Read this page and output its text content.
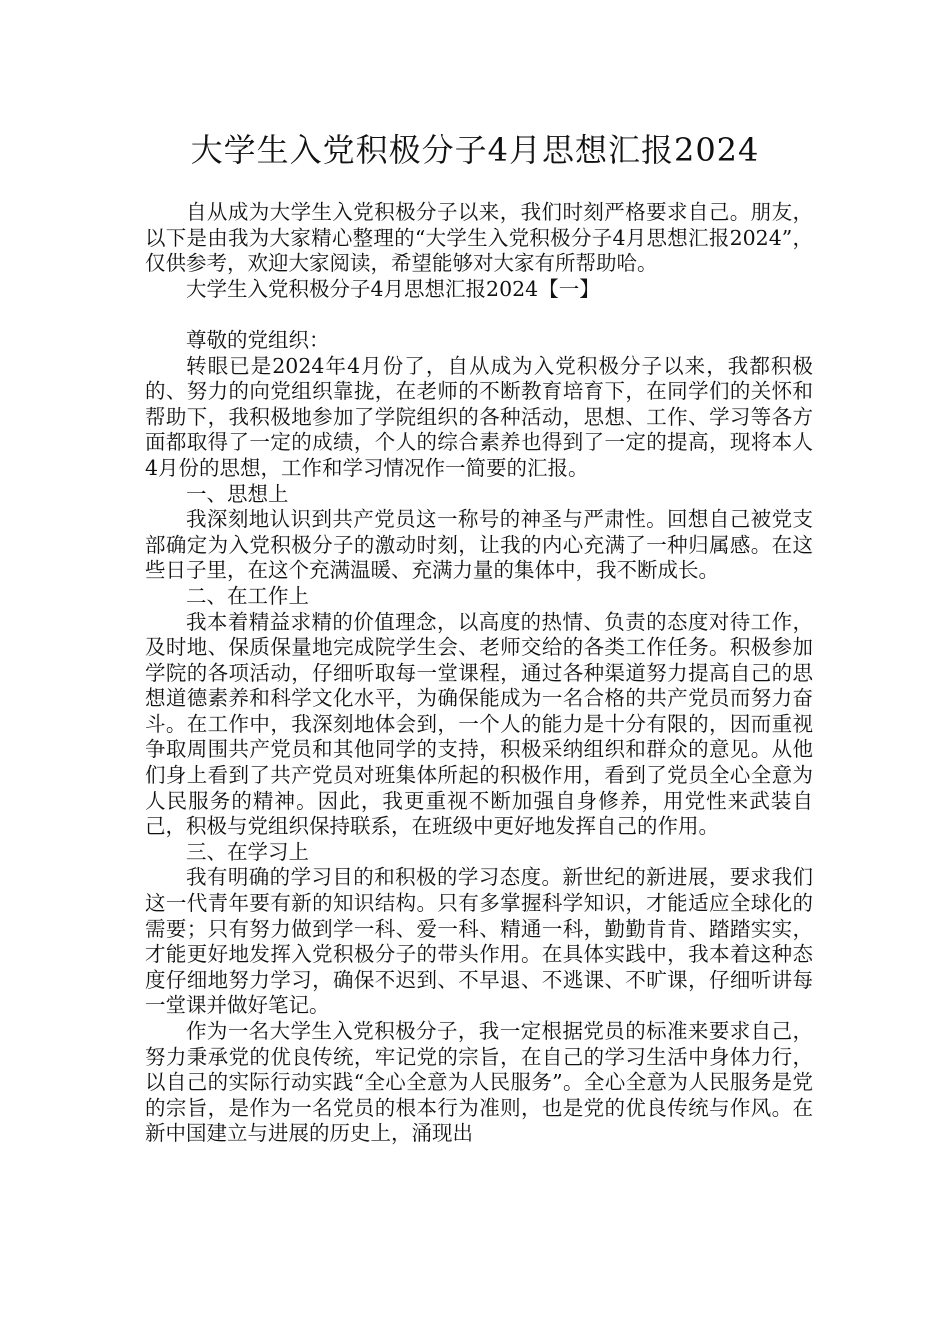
大学生入党积极分子4月思想汇报2024

自从成为大学生入党积极分子以来，我们时刻严格要求自己。朋友，以下是由我为大家精心整理的“大学生入党积极分子4月思想汇报2024”，仅供参考，欢迎大家阅读，希望能够对大家有所帮助哈。

大学生入党积极分子4月思想汇报2024【一】

尊敬的党组织：

转眼已是2024年4月份了，自从成为入党积极分子以来，我都积极的、努力的向党组织靠拢，在老师的不断教育培育下，在同学们的关怀和帮助下，我积极地参加了学院组织的各种活动，思想、工作、学习等各方面都取得了一定的成绩，个人的综合素养也得到了一定的提高，现将本人4月份的思想，工作和学习情况作一简要的汇报。

一、思想上

我深刻地认识到共产党员这一称号的神圣与严肃性。回想自己被党支部确定为入党积极分子的激动时刻，让我的内心充满了一种归属感。在这些日子里，在这个充满温暖、充满力量的集体中，我不断成长。

二、在工作上

我本着精益求精的价值理念，以高度的热情、负责的态度对待工作，及时地、保质保量地完成院学生会、老师交给的各类工作任务。积极参加学院的各项活动，仔细听取每一堂课程，通过各种渠道努力提高自己的思想道德素养和科学文化水平，为确保能成为一名合格的共产党员而努力奋斗。在工作中，我深刻地体会到，一个人的能力是十分有限的，因而重视争取周围共产党员和其他同学的支持，积极采纳组织和群众的意见。从他们身上看到了共产党员对班集体所起的积极作用，看到了党员全心全意为人民服务的精神。因此，我更重视不断加强自身修养，用党性来武装自己，积极与党组织保持联系，在班级中更好地发挥自己的作用。

三、在学习上

我有明确的学习目的和积极的学习态度。新世纪的新进展，要求我们这一代青年要有新的知识结构。只有多掌握科学知识，才能适应全球化的需要；只有努力做到学一科、爱一科、精通一科，勤勤肯肯、踏踏实实，才能更好地发挥入党积极分子的带头作用。在具体实践中，我本着这种态度仔细地努力学习，确保不迟到、不早退、不逃课、不旷课，仔细听讲每一堂课并做好笔记。

作为一名大学生入党积极分子，我一定根据党员的标准来要求自己，努力秉承党的优良传统，牢记党的宗旨，在自己的学习生活中身体力行，以自己的实际行动实践“全心全意为人民服务”。全心全意为人民服务是党的宗旨，是作为一名党员的根本行为准则，也是党的优良传统与作风。在新中国建立与进展的历史上，涌现出
